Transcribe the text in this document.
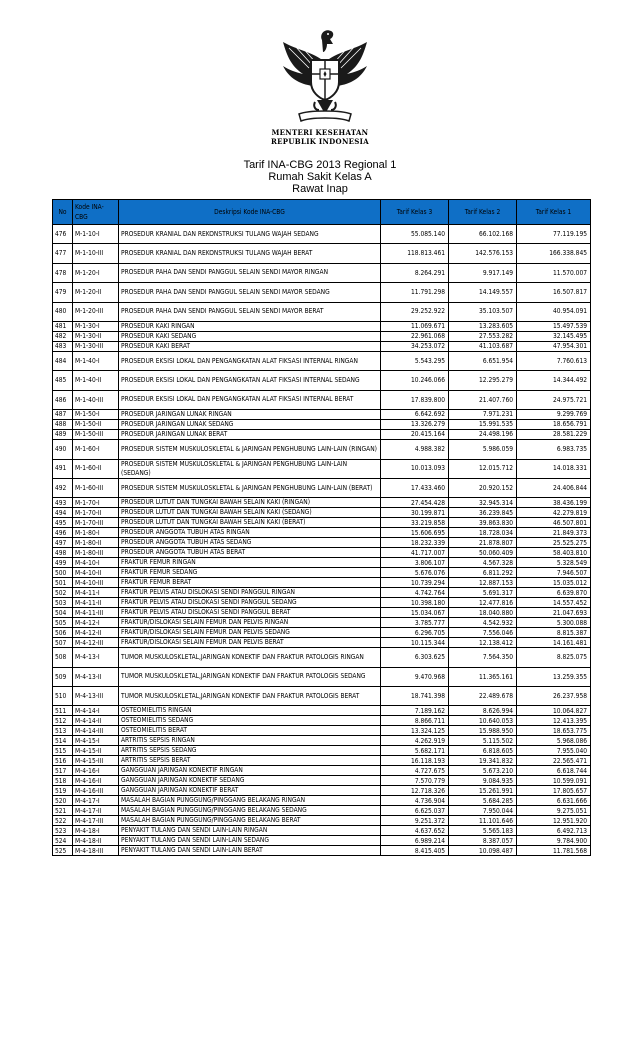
MENTERI KESEHATAN
REPUBLIK INDONESIA
Tarif INA-CBG 2013 Regional 1
Rumah Sakit Kelas A
Rawat Inap
No	Kode INA-CBG	Deskripsi Kode INA-CBG	Tarif Kelas 3	Tarif Kelas 2	Tarif Kelas 1
476	M-1-10-I	PROSEDUR KRANIAL DAN REKONSTRUKSI TULANG WAJAH SEDANG	55.085.140	66.102.168	77.119.195
477	M-1-10-III	PROSEDUR KRANIAL DAN REKONSTRUKSI TULANG WAJAH BERAT	118.813.461	142.576.153	166.338.845
478	M-1-20-I	PROSEDUR PAHA DAN SENDI PANGGUL SELAIN SENDI MAYOR RINGAN	8.264.291	9.917.149	11.570.007
479	M-1-20-II	PROSEDUR PAHA DAN SENDI PANGGUL SELAIN SENDI MAYOR SEDANG	11.791.298	14.149.557	16.507.817
480	M-1-20-III	PROSEDUR PAHA DAN SENDI PANGGUL SELAIN SENDI MAYOR BERAT	29.252.922	35.103.507	40.954.091
481	M-1-30-I	PROSEDUR KAKI RINGAN	11.069.671	13.283.605	15.497.539
482	M-1-30-II	PROSEDUR KAKI SEDANG	22.961.068	27.553.282	32.145.495
483	M-1-30-III	PROSEDUR KAKI BERAT	34.253.072	41.103.687	47.954.301
484	M-1-40-I	PROSEDUR EKSISI LOKAL DAN PENGANGKATAN ALAT FIKSASI INTERNAL RINGAN	5.543.295	6.651.954	7.760.613
485	M-1-40-II	PROSEDUR EKSISI LOKAL DAN PENGANGKATAN ALAT FIKSASI INTERNAL SEDANG	10.246.066	12.295.279	14.344.492
486	M-1-40-III	PROSEDUR EKSISI LOKAL DAN PENGANGKATAN ALAT FIKSASI INTERNAL BERAT	17.839.800	21.407.760	24.975.721
487	M-1-50-I	PROSEDUR JARINGAN LUNAK RINGAN	6.642.692	7.971.231	9.299.769
488	M-1-50-II	PROSEDUR JARINGAN LUNAK SEDANG	13.326.279	15.991.535	18.656.791
489	M-1-50-III	PROSEDUR JARINGAN LUNAK BERAT	20.415.164	24.498.196	28.581.229
490	M-1-60-I	PROSEDUR SISTEM MUSKULOSKLETAL & JARINGAN PENGHUBUNG LAIN-LAIN (RINGAN)	4.988.382	5.986.059	6.983.735
491	M-1-60-II	PROSEDUR SISTEM MUSKULOSKLETAL & JARINGAN PENGHUBUNG LAIN-LAIN (SEDANG)	10.013.093	12.015.712	14.018.331
492	M-1-60-III	PROSEDUR SISTEM MUSKULOSKLETAL & JARINGAN PENGHUBUNG LAIN-LAIN (BERAT)	17.433.460	20.920.152	24.406.844
493	M-1-70-I	PROSEDUR LUTUT DAN TUNGKAI BAWAH SELAIN KAKI (RINGAN)	27.454.428	32.945.314	38.436.199
494	M-1-70-II	PROSEDUR LUTUT DAN TUNGKAI BAWAH SELAIN KAKI (SEDANG)	30.199.871	36.239.845	42.279.819
495	M-1-70-III	PROSEDUR LUTUT DAN TUNGKAI BAWAH SELAIN KAKI (BERAT)	33.219.858	39.863.830	46.507.801
496	M-1-80-I	PROSEDUR ANGGOTA TUBUH ATAS RINGAN	15.606.695	18.728.034	21.849.373
497	M-1-80-II	PROSEDUR ANGGOTA TUBUH ATAS SEDANG	18.232.339	21.878.807	25.525.275
498	M-1-80-III	PROSEDUR ANGGOTA TUBUH ATAS BERAT	41.717.007	50.060.409	58.403.810
499	M-4-10-I	FRAKTUR FEMUR RINGAN	3.806.107	4.567.328	5.328.549
500	M-4-10-II	FRAKTUR FEMUR SEDANG	5.676.076	6.811.292	7.946.507
501	M-4-10-III	FRAKTUR FEMUR BERAT	10.739.294	12.887.153	15.035.012
502	M-4-11-I	FRAKTUR PELVIS ATAU DISLOKASI SENDI PANGGUL RINGAN	4.742.764	5.691.317	6.639.870
503	M-4-11-II	FRAKTUR PELVIS ATAU DISLOKASI SENDI PANGGUL SEDANG	10.398.180	12.477.816	14.557.452
504	M-4-11-III	FRAKTUR PELVIS ATAU DISLOKASI SENDI PANGGUL BERAT	15.034.067	18.040.880	21.047.693
505	M-4-12-I	FRAKTUR/DISLOKASI SELAIN FEMUR DAN PELVIS RINGAN	3.785.777	4.542.932	5.300.088
506	M-4-12-II	FRAKTUR/DISLOKASI SELAIN FEMUR DAN PELVIS SEDANG	6.296.705	7.556.046	8.815.387
507	M-4-12-III	FRAKTUR/DISLOKASI SELAIN FEMUR DAN PELVIS BERAT	10.115.344	12.138.412	14.161.481
508	M-4-13-I	TUMOR MUSKULOSKLETAL,JARINGAN KONEKTIF DAN FRAKTUR PATOLOGIS RINGAN	6.303.625	7.564.350	8.825.075
509	M-4-13-II	TUMOR MUSKULOSKLETAL,JARINGAN KONEKTIF DAN FRAKTUR PATOLOGIS SEDANG	9.470.968	11.365.161	13.259.355
510	M-4-13-III	TUMOR MUSKULOSKLETAL,JARINGAN KONEKTIF DAN FRAKTUR PATOLOGIS BERAT	18.741.398	22.489.678	26.237.958
511	M-4-14-I	OSTEOMIELITIS RINGAN	7.189.162	8.626.994	10.064.827
512	M-4-14-II	OSTEOMIELITIS SEDANG	8.866.711	10.640.053	12.413.395
513	M-4-14-III	OSTEOMIELITIS BERAT	13.324.125	15.988.950	18.653.775
514	M-4-15-I	ARTRITIS SEPSIS RINGAN	4.262.919	5.115.502	5.968.086
515	M-4-15-II	ARTRITIS SEPSIS SEDANG	5.682.171	6.818.605	7.955.040
516	M-4-15-III	ARTRITIS SEPSIS BERAT	16.118.193	19.341.832	22.565.471
517	M-4-16-I	GANGGUAN JARINGAN KONEKTIF RINGAN	4.727.675	5.673.210	6.618.744
518	M-4-16-II	GANGGUAN JARINGAN KONEKTIF SEDANG	7.570.779	9.084.935	10.599.091
519	M-4-16-III	GANGGUAN JARINGAN KONEKTIF BERAT	12.718.326	15.261.991	17.805.657
520	M-4-17-I	MASALAH BAGIAN PUNGGUNG/PINGGANG BELAKANG RINGAN	4.736.904	5.684.285	6.631.666
521	M-4-17-II	MASALAH BAGIAN PUNGGUNG/PINGGANG BELAKANG SEDANG	6.625.037	7.950.044	9.275.051
522	M-4-17-III	MASALAH BAGIAN PUNGGUNG/PINGGANG BELAKANG BERAT	9.251.372	11.101.646	12.951.920
523	M-4-18-I	PENYAKIT TULANG DAN SENDI LAIN-LAIN RINGAN	4.637.652	5.565.183	6.492.713
524	M-4-18-II	PENYAKIT TULANG DAN SENDI LAIN-LAIN SEDANG	6.989.214	8.387.057	9.784.900
525	M-4-18-III	PENYAKIT TULANG DAN SENDI LAIN-LAIN BERAT	8.415.405	10.098.487	11.781.568
